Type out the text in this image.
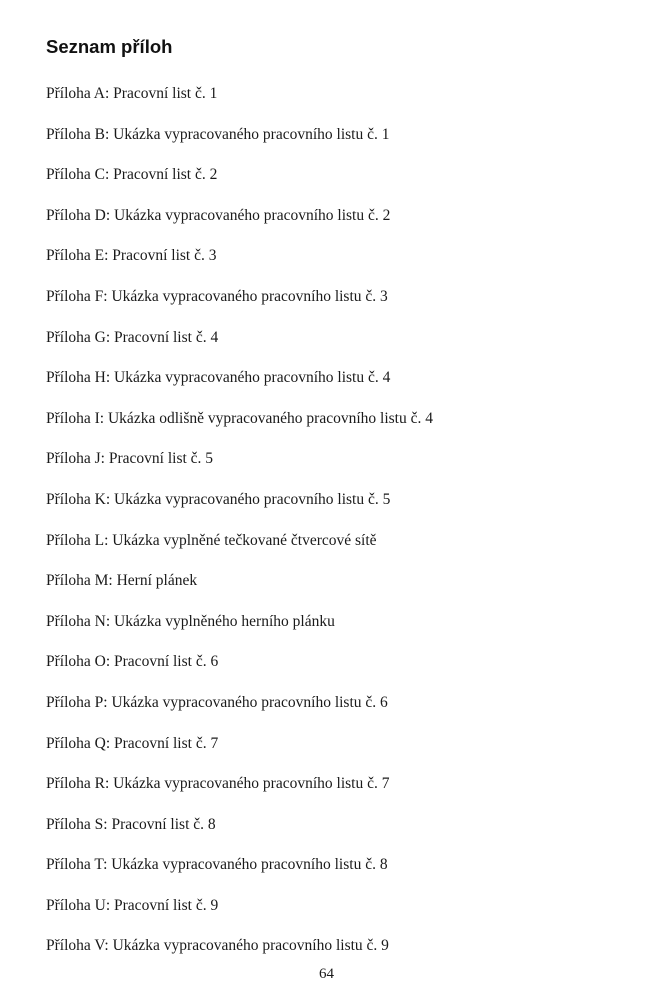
Seznam příloh
Příloha A: Pracovní list č. 1
Příloha B: Ukázka vypracovaného pracovního listu č. 1
Příloha C: Pracovní list č. 2
Příloha D: Ukázka vypracovaného pracovního listu č. 2
Příloha E: Pracovní list č. 3
Příloha F: Ukázka vypracovaného pracovního listu č. 3
Příloha G: Pracovní list č. 4
Příloha H: Ukázka vypracovaného pracovního listu č. 4
Příloha I: Ukázka odlišně vypracovaného pracovního listu č. 4
Příloha J: Pracovní list č. 5
Příloha K: Ukázka vypracovaného pracovního listu č. 5
Příloha L: Ukázka vyplněné tečkované čtvercové sítě
Příloha M: Herní plánek
Příloha N: Ukázka vyplněného herního plánku
Příloha O: Pracovní list č. 6
Příloha P: Ukázka vypracovaného pracovního listu č. 6
Příloha Q: Pracovní list č. 7
Příloha R: Ukázka vypracovaného pracovního listu č. 7
Příloha S: Pracovní list č. 8
Příloha T: Ukázka vypracovaného pracovního listu č. 8
Příloha U: Pracovní list č. 9
Příloha V: Ukázka vypracovaného pracovního listu č. 9
64
